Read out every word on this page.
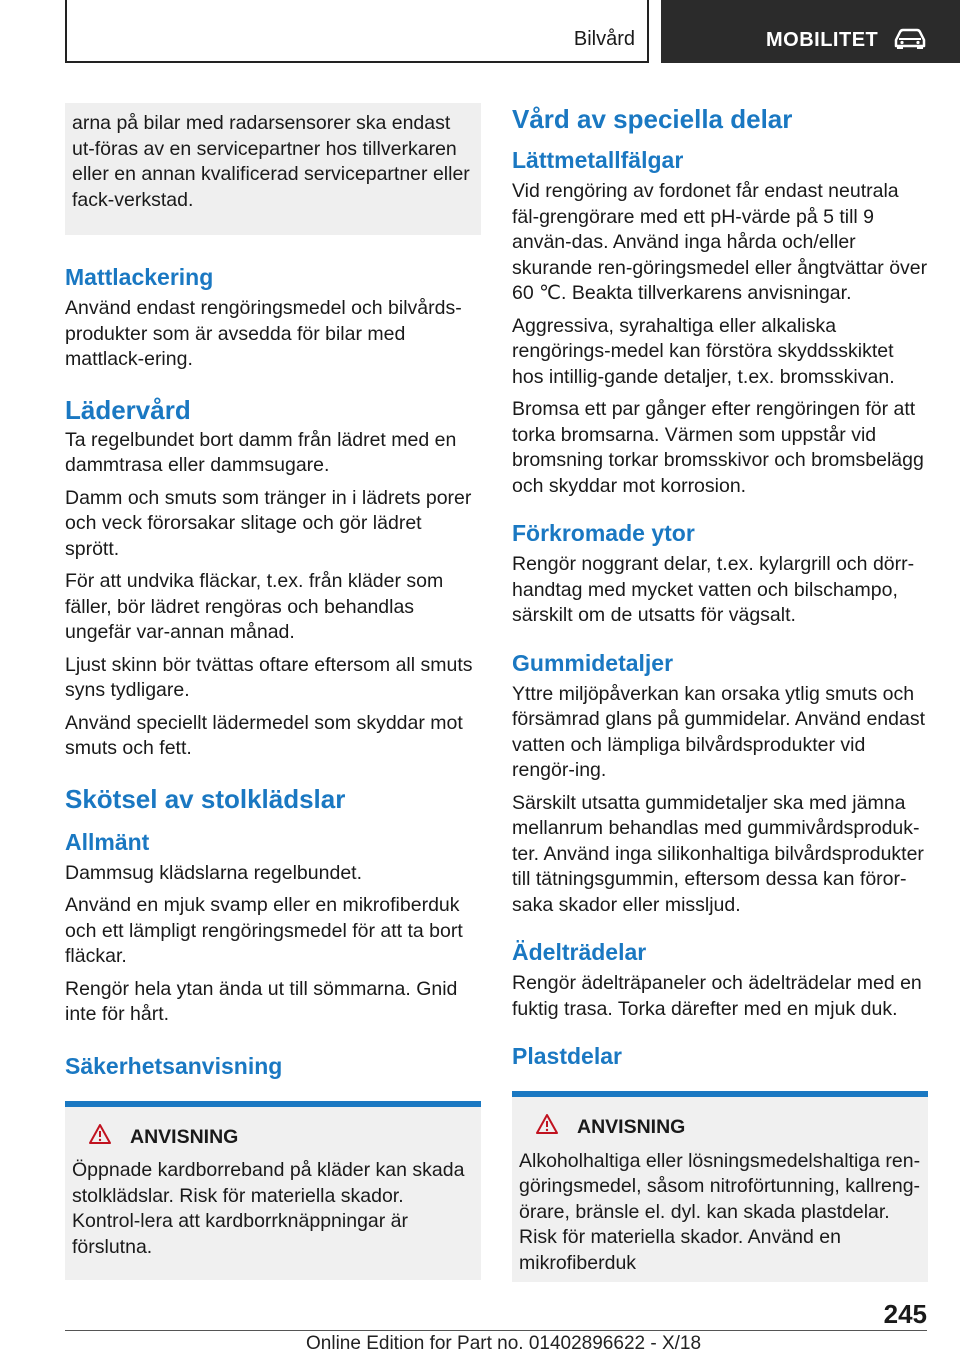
Bilvård	MOBILITET

arna på bilar med radarsensorer ska endast ut-föras av en servicepartner hos tillverkaren eller en annan kvalificerad servicepartner eller fack-verkstad.

Mattlackering

Använd endast rengöringsmedel och bilvårds-produkter som är avsedda för bilar med mattlack-ering.

Lädervård

Ta regelbundet bort damm från lädret med en dammtrasa eller dammsugare.

Damm och smuts som tränger in i lädrets porer och veck förorsakar slitage och gör lädret sprött.

För att undvika fläckar, t.ex. från kläder som fäller, bör lädret rengöras och behandlas ungefär var-annan månad.

Ljust skinn bör tvättas oftare eftersom all smuts syns tydligare.

Använd speciellt lädermedel som skyddar mot smuts och fett.

Skötsel av stolklädslar
Allmänt

Dammsug klädslarna regelbundet.

Använd en mjuk svamp eller en mikrofiberduk och ett lämpligt rengöringsmedel för att ta bort fläckar.

Rengör hela ytan ända ut till sömmarna. Gnid inte för hårt.

Säkerhetsanvisning
ANVISNING

Öppnade kardborreband på kläder kan skada stolklädslar. Risk för materiella skador. Kontrol-lera att kardborrknäppningar är förslutna.

Vård av speciella delar
Lättmetallfälgar

Vid rengöring av fordonet får endast neutrala fäl-grengörare med ett pH-värde på 5 till 9 använ-das. Använd inga hårda och/eller skurande ren-göringsmedel eller ångtvättar över 60 ℃. Beakta tillverkarens anvisningar.

Aggressiva, syrahaltiga eller alkaliska rengörings-medel kan förstöra skyddsskiktet hos intillig-gande detaljer, t.ex. bromsskivan.

Bromsa ett par gånger efter rengöringen för att torka bromsarna. Värmen som uppstår vid bromsning torkar bromsskivor och bromsbelägg och skyddar mot korrosion.

Förkromade ytor

Rengör noggrant delar, t.ex. kylargrill och dörr-handtag med mycket vatten och bilschampo, särskilt om de utsatts för vägsalt.

Gummidetaljer

Yttre miljöpåverkan kan orsaka ytlig smuts och försämrad glans på gummidelar. Använd endast vatten och lämpliga bilvårdsprodukter vid rengör-ing.

Särskilt utsatta gummidetaljer ska med jämna mellanrum behandlas med gummivårdsproduk-ter. Använd inga silikonhaltiga bilvårdsprodukter till tätningsgummin, eftersom dessa kan föror-saka skador eller missljud.

Ädelträdelar

Rengör ädelträpaneler och ädelträdelar med en fuktig trasa. Torka därefter med en mjuk duk.

Plastdelar
ANVISNING

Alkoholhaltiga eller lösningsmedelshaltiga ren-göringsmedel, såsom nitroförtunning, kallreng-örare, bränsle el. dyl. kan skada plastdelar. Risk för materiella skador. Använd en mikrofiberduk

245
Online Edition for Part no. 01402896622 - X/18
